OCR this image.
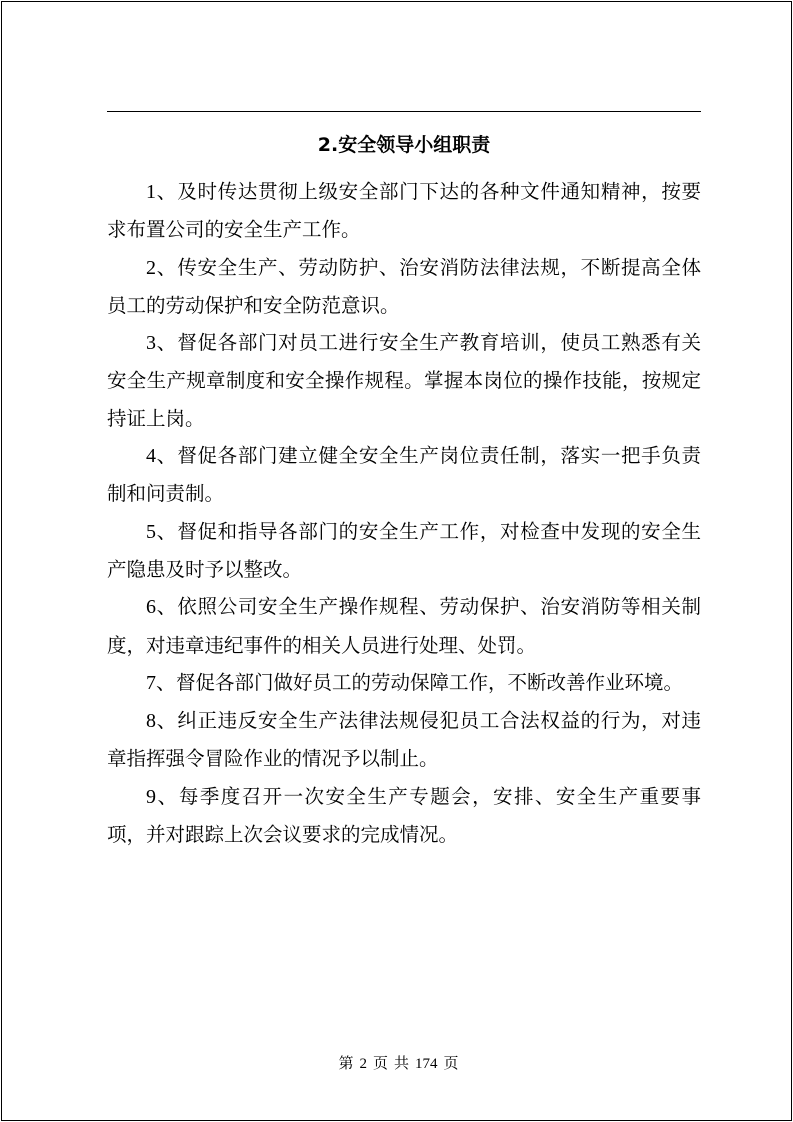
2.安全领导小组职责

1、及时传达贯彻上级安全部门下达的各种文件通知精神，按要求布置公司的安全生产工作。

2、传安全生产、劳动防护、治安消防法律法规，不断提高全体员工的劳动保护和安全防范意识。

3、督促各部门对员工进行安全生产教育培训，使员工熟悉有关安全生产规章制度和安全操作规程。掌握本岗位的操作技能，按规定持证上岗。

4、督促各部门建立健全安全生产岗位责任制，落实一把手负责制和问责制。

5、督促和指导各部门的安全生产工作，对检查中发现的安全生产隐患及时予以整改。

6、依照公司安全生产操作规程、劳动保护、治安消防等相关制度，对违章违纪事件的相关人员进行处理、处罚。

7、督促各部门做好员工的劳动保障工作，不断改善作业环境。

8、纠正违反安全生产法律法规侵犯员工合法权益的行为，对违章指挥强令冒险作业的情况予以制止。

9、每季度召开一次安全生产专题会，安排、安全生产重要事项，并对跟踪上次会议要求的完成情况。

第 2 页 共 174 页
